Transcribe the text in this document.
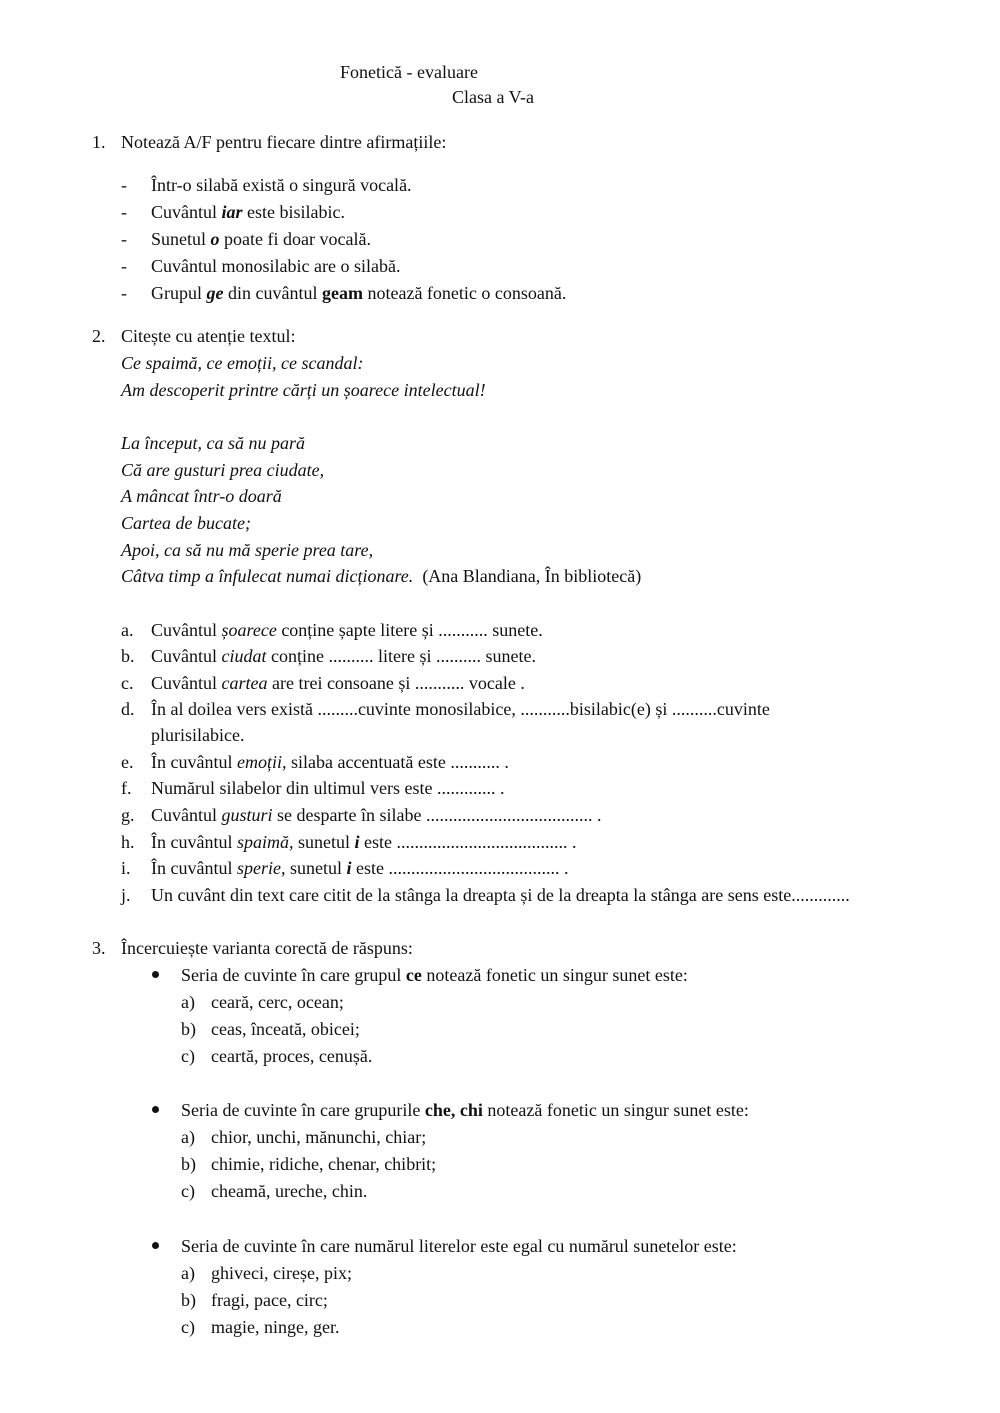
Fonetică - evaluare
Clasa a V-a
1. Notează A/F pentru fiecare dintre afirmațiile:
- Într-o silabă există o singură vocală.
- Cuvântul iar este bisilabic.
- Sunetul o poate fi doar vocală.
- Cuvântul monosilabic are o silabă.
- Grupul ge din cuvântul geam notează fonetic o consoană.
2. Citește cu atenție textul:
Ce spaimă, ce emoții, ce scandal:
Am descoperit printre cărți un șoarece intelectual!
La început, ca să nu pară
Că are gusturi prea ciudate,
A mâncat într-o doară
Cartea de bucate;
Apoi, ca să nu mă sperie prea tare,
Câtva timp a înfulecat numai dicționare. (Ana Blandiana, În bibliotecă)
a. Cuvântul șoarece conține șapte litere și ........... sunete.
b. Cuvântul ciudat conține .......... litere și .......... sunete.
c. Cuvântul cartea are trei consoane și ........... vocale .
d. În al doilea vers există .........cuvinte monosilabice, ...........bisilabic(e) și ..........cuvinte
plurisilabice.
e. În cuvântul emoții, silaba accentuată este ........... .
f. Numărul silabelor din ultimul vers este ............. .
g. Cuvântul gusturi se desparte în silabe ..................................... .
h. În cuvântul spaimă, sunetul i este ...................................... .
i. În cuvântul sperie, sunetul i este ...................................... .
j. Un cuvânt din text care citit de la stânga la dreapta și de la dreapta la stânga are sens este.............
3. Încercuiește varianta corectă de răspuns:
Seria de cuvinte în care grupul ce notează fonetic un singur sunet este:
a) ceară, cerc, ocean;
b) ceas, înceată, obicei;
c) ceartă, proces, cenușă.
Seria de cuvinte în care grupurile che, chi notează fonetic un singur sunet este:
a) chior, unchi, mănunchi, chiar;
b) chimie, ridiche, chenar, chibrit;
c) cheamă, ureche, chin.
Seria de cuvinte în care numărul literelor este egal cu numărul sunetelor este:
a) ghiveci, cireșe, pix;
b) fragi, pace, circ;
c) magie, ninge, ger.
